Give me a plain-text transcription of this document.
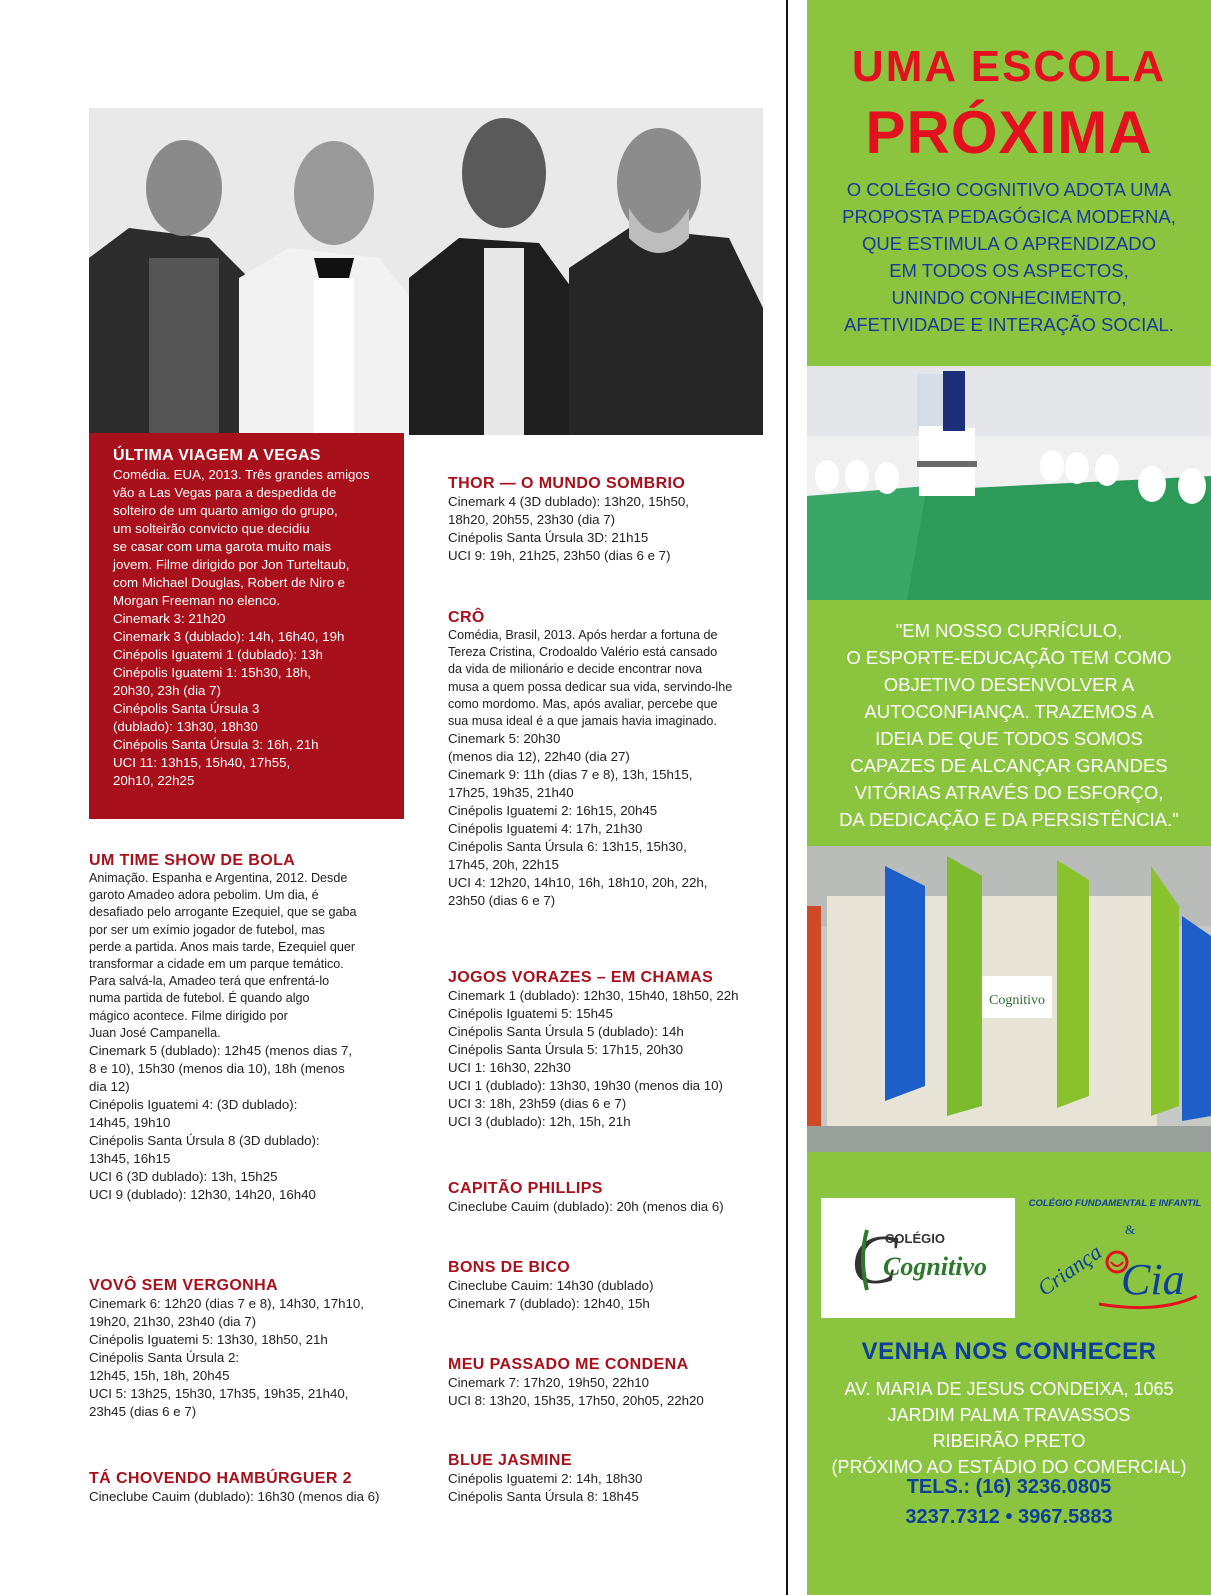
ÚLTIMA VIAGEM A VEGAS
Comédia. EUA, 2013. Três grandes amigos
vão a Las Vegas para a despedida de
solteiro de um quarto amigo do grupo,
um solteirão convicto que decidiu
se casar com uma garota muito mais
jovem. Filme dirigido por Jon Turteltaub,
com Michael Douglas, Robert de Niro e
Morgan Freeman no elenco.
Cinemark 3: 21h20
Cinemark 3 (dublado): 14h, 16h40, 19h
Cinépolis Iguatemi 1 (dublado): 13h
Cinépolis Iguatemi 1: 15h30, 18h,
20h30, 23h (dia 7)
Cinépolis Santa Úrsula 3
(dublado): 13h30, 18h30
Cinépolis Santa Úrsula 3: 16h, 21h
UCI 11: 13h15, 15h40, 17h55,
20h10, 22h25
UM TIME SHOW DE BOLA
Animação. Espanha e Argentina, 2012. Desde
garoto Amadeo adora pebolim. Um dia, é
desafiado pelo arrogante Ezequiel, que se gaba
por ser um exímio jogador de futebol, mas
perde a partida. Anos mais tarde, Ezequiel quer
transformar a cidade em um parque temático.
Para salvá-la, Amadeo terá que enfrentá-lo
numa partida de futebol. É quando algo
mágico acontece. Filme dirigido por
Juan José Campanella.
Cinemark 5 (dublado): 12h45 (menos dias 7,
8 e 10), 15h30 (menos dia 10), 18h (menos
dia 12)
Cinépolis Iguatemi 4: (3D dublado):
14h45, 19h10
Cinépolis Santa Úrsula 8 (3D dublado):
13h45, 16h15
UCI 6 (3D dublado): 13h, 15h25
UCI 9 (dublado): 12h30, 14h20, 16h40
VOVÔ SEM VERGONHA
Cinemark 6: 12h20 (dias 7 e 8), 14h30, 17h10,
19h20, 21h30, 23h40 (dia 7)
Cinépolis Iguatemi 5: 13h30, 18h50, 21h
Cinépolis Santa Úrsula 2:
12h45, 15h, 18h, 20h45
UCI 5: 13h25, 15h30, 17h35, 19h35, 21h40,
23h45 (dias 6 e 7)
TÁ CHOVENDO HAMBÚRGUER 2
Cineclube Cauim (dublado): 16h30 (menos dia 6)
THOR — O MUNDO SOMBRIO
Cinemark 4 (3D dublado): 13h20, 15h50,
18h20, 20h55, 23h30 (dia 7)
Cinépolis Santa Úrsula 3D: 21h15
UCI 9: 19h, 21h25, 23h50 (dias 6 e 7)
CRÔ
Comédia, Brasil, 2013. Após herdar a fortuna de
Tereza Cristina, Crodoaldo Valério está cansado
da vida de milionário e decide encontrar nova
musa a quem possa dedicar sua vida, servindo-lhe
como mordomo. Mas, após avaliar, percebe que
sua musa ideal é a que jamais havia imaginado.
Cinemark 5: 20h30
(menos dia 12), 22h40 (dia 27)
Cinemark 9: 11h (dias 7 e 8), 13h, 15h15,
17h25, 19h35, 21h40
Cinépolis Iguatemi 2: 16h15, 20h45
Cinépolis Iguatemi 4: 17h, 21h30
Cinépolis Santa Úrsula 6: 13h15, 15h30,
17h45, 20h, 22h15
UCI 4: 12h20, 14h10, 16h, 18h10, 20h, 22h,
23h50 (dias 6 e 7)
JOGOS VORAZES – EM CHAMAS
Cinemark 1 (dublado): 12h30, 15h40, 18h50, 22h
Cinépolis Iguatemi 5: 15h45
Cinépolis Santa Úrsula 5 (dublado): 14h
Cinépolis Santa Úrsula 5: 17h15, 20h30
UCI 1: 16h30, 22h30
UCI 1 (dublado): 13h30, 19h30 (menos dia 10)
UCI 3: 18h, 23h59 (dias 6 e 7)
UCI 3 (dublado): 12h, 15h, 21h
CAPITÃO PHILLIPS
Cineclube Cauim (dublado): 20h (menos dia 6)
BONS DE BICO
Cineclube Cauim: 14h30 (dublado)
Cinemark 7 (dublado): 12h40, 15h
MEU PASSADO ME CONDENA
Cinemark 7: 17h20, 19h50, 22h10
UCI 8: 13h20, 15h35, 17h50, 20h05, 22h20
BLUE JASMINE
Cinépolis Iguatemi 2: 14h, 18h30
Cinépolis Santa Úrsula 8: 18h45
UMA ESCOLA
PRÓXIMA
O COLÉGIO COGNITIVO ADOTA UMA
PROPOSTA PEDAGÓGICA MODERNA,
QUE ESTIMULA O APRENDIZADO
EM TODOS OS ASPECTOS,
UNINDO CONHECIMENTO,
AFETIVIDADE E INTERAÇÃO SOCIAL.
"EM NOSSO CURRÍCULO,
O ESPORTE-EDUCAÇÃO TEM COMO
OBJETIVO DESENVOLVER A
AUTOCONFIANÇA. TRAZEMOS A
IDEIA DE QUE TODOS SOMOS
CAPAZES DE ALCANÇAR GRANDES
VITÓRIAS ATRAVÉS DO ESFORÇO,
DA DEDICAÇÃO E DA PERSISTÊNCIA."
Cognitivo
C
COLÉGIO
Cognitivo
COLÉGIO FUNDAMENTAL E INFANTIL
Criança
&
Cia
VENHA NOS CONHECER
AV. MARIA DE JESUS CONDEIXA, 1065
JARDIM PALMA TRAVASSOS
RIBEIRÃO PRETO
(PRÓXIMO AO ESTÁDIO DO COMERCIAL)
TELS.: (16) 3236.0805
3237.7312 • 3967.5883
